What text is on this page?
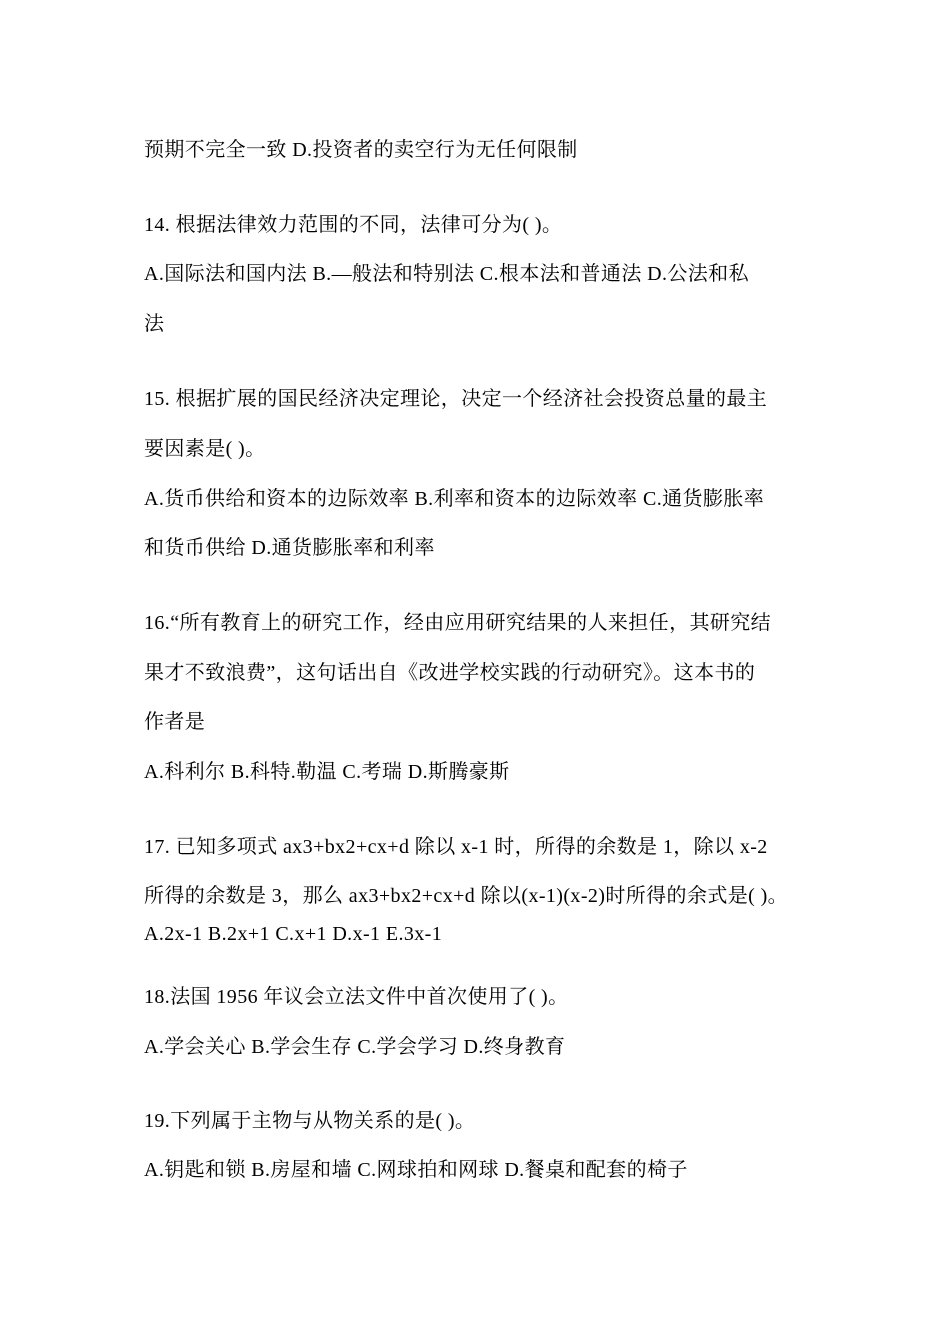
预期不完全一致 D.投资者的卖空行为无任何限制
14. 根据法律效力范围的不同，法律可分为( )。
A.国际法和国内法 B.—般法和特别法 C.根本法和普通法 D.公法和私
法
15. 根据扩展的国民经济决定理论，决定一个经济社会投资总量的最主
要因素是( )。
A.货币供给和资本的边际效率 B.利率和资本的边际效率 C.通货膨胀率
和货币供给 D.通货膨胀率和利率
16.“所有教育上的研究工作，经由应用研究结果的人来担任，其研究结
果才不致浪费”，这句话出自《改进学校实践的行动研究》。这本书的
作者是
A.科利尔 B.科特.勒温 C.考瑞 D.斯腾豪斯
17. 已知多项式 ax3+bx2+cx+d 除以 x-1 时，所得的余数是 1，除以 x-2
所得的余数是 3，那么 ax3+bx2+cx+d 除以(x-1)(x-2)时所得的余式是( )。
A.2x-1 B.2x+1 C.x+1 D.x-1 E.3x-1
18.法国 1956 年议会立法文件中首次使用了( )。
A.学会关心 B.学会生存 C.学会学习 D.终身教育
19.下列属于主物与从物关系的是( )。
A.钥匙和锁 B.房屋和墙 C.网球拍和网球 D.餐桌和配套的椅子
